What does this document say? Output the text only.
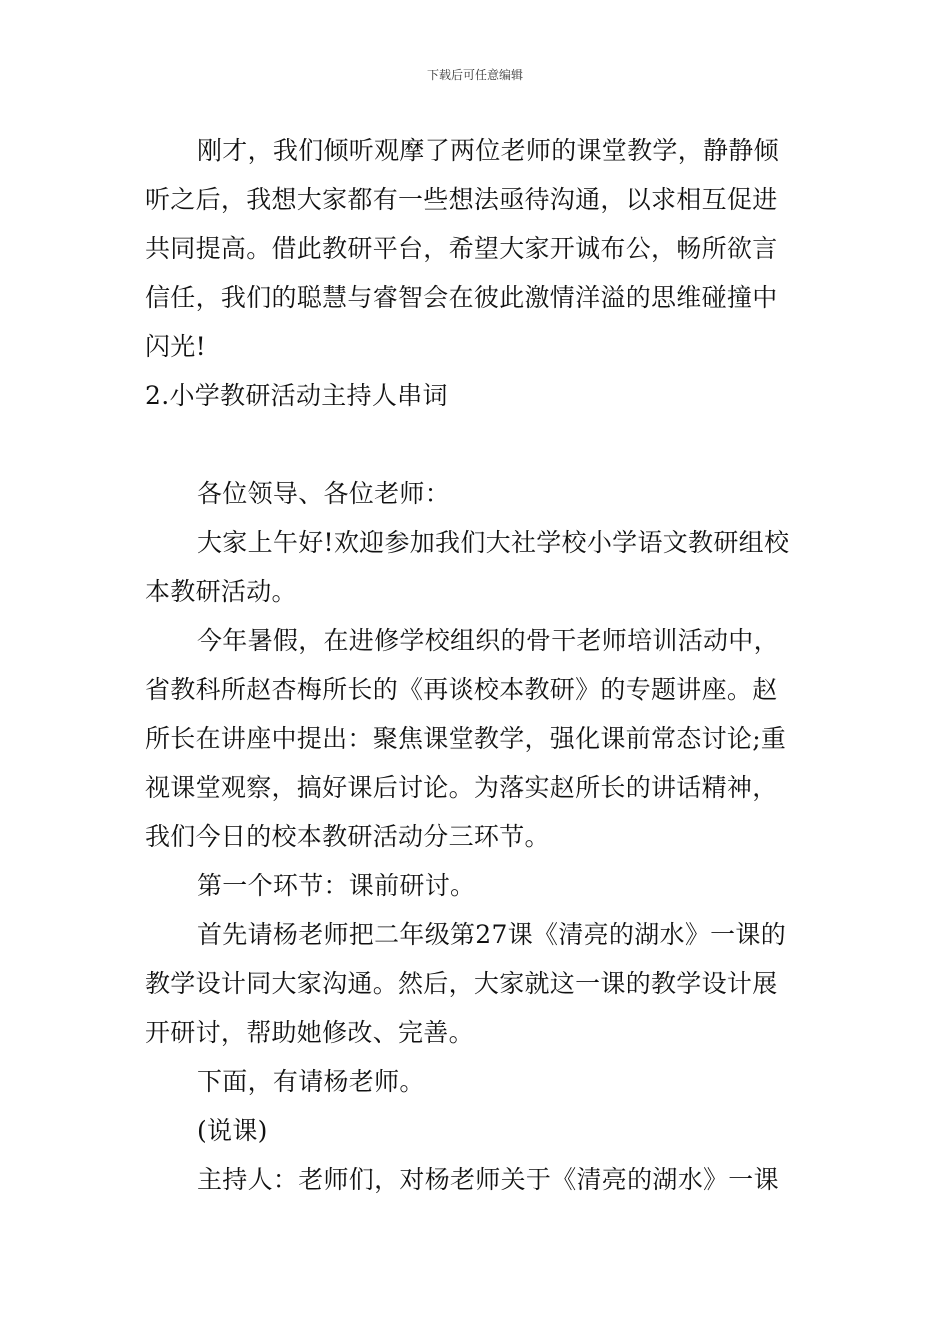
下载后可任意编辑
刚才，我们倾听观摩了两位老师的课堂教学，静静倾
听之后，我想大家都有一些想法亟待沟通，以求相互促进
共同提高。借此教研平台，希望大家开诚布公，畅所欲言
信任，我们的聪慧与睿智会在彼此激情洋溢的思维碰撞中
闪光!
2.小学教研活动主持人串词
各位领导、各位老师：
大家上午好!欢迎参加我们大社学校小学语文教研组校
本教研活动。
今年暑假，在进修学校组织的骨干老师培训活动中，
省教科所赵杏梅所长的《再谈校本教研》的专题讲座。赵
所长在讲座中提出：聚焦课堂教学，强化课前常态讨论;重
视课堂观察，搞好课后讨论。为落实赵所长的讲话精神，
我们今日的校本教研活动分三环节。
第一个环节：课前研讨。
首先请杨老师把二年级第27课《清亮的湖水》一课的
教学设计同大家沟通。然后，大家就这一课的教学设计展
开研讨，帮助她修改、完善。
下面，有请杨老师。
(说课)
主持人：老师们，对杨老师关于《清亮的湖水》一课
